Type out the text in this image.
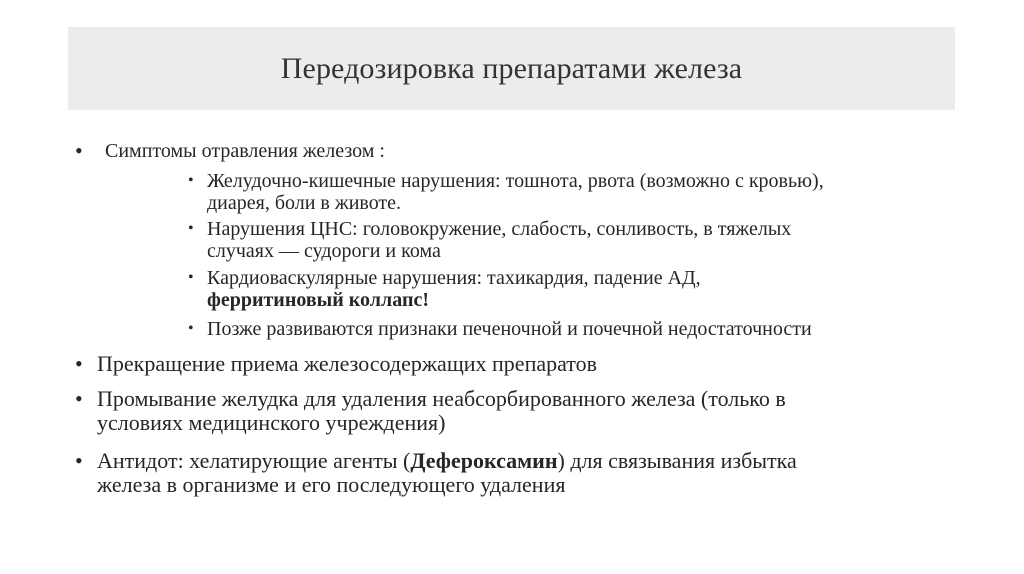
Передозировка препаратами железа
•	Симптомы отравления железом :
• Желудочно-кишечные нарушения: тошнота, рвота (возможно с кровью),
диарея, боли в животе.
• Нарушения ЦНС: головокружение, слабость, сонливость, в тяжелых
случаях — судороги и кома
• Кардиоваскулярные нарушения: тахикардия, падение АД,
ферритиновый коллапс!
• Позже развиваются признаки печеночной и почечной недостаточности
• Прекращение приема железосодержащих препаратов
• Промывание желудка для удаления неабсорбированного железа (только в
условиях медицинского учреждения)
• Антидот: хелатирующие агенты (Дефероксамин) для связывания избытка
железа в организме и его последующего удаления
